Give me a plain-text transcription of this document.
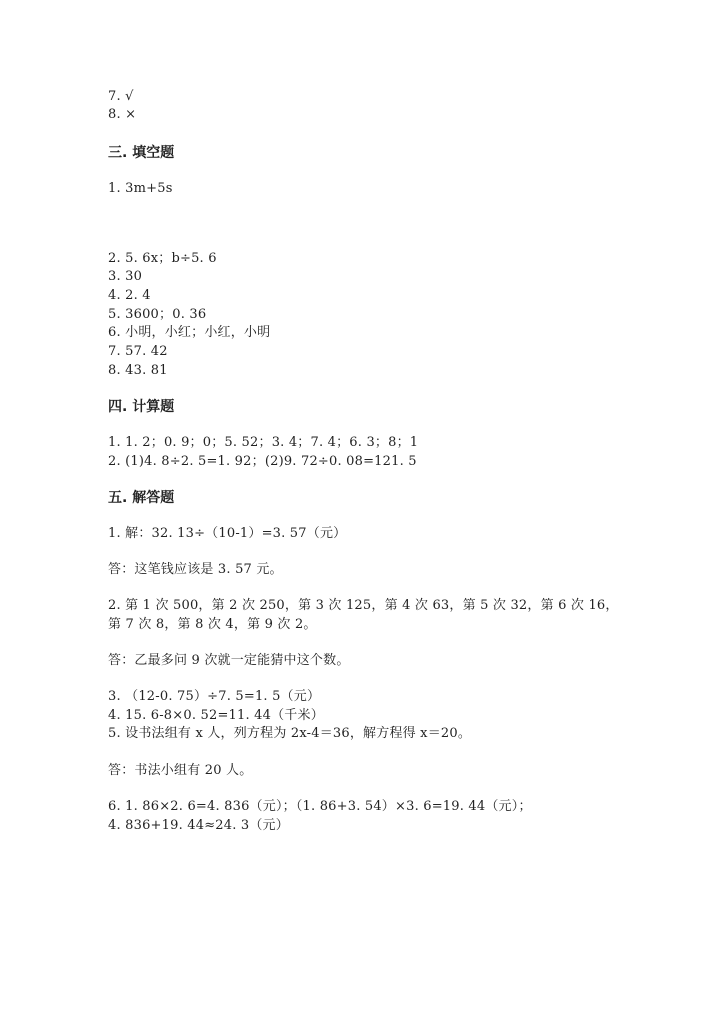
7. √
8. ×
三. 填空题
1. 3m+5s
2. 5. 6x；b÷5. 6
3. 30
4. 2. 4
5. 3600；0. 36
6. 小明，小红；小红，小明
7. 57. 42
8. 43. 81
四. 计算题
1. 1. 2；0. 9；0；5. 52；3. 4；7. 4；6. 3；8；1
2. (1)4. 8÷2. 5=1. 92；(2)9. 72÷0. 08=121. 5
五. 解答题
1. 解：32. 13÷（10-1）=3. 57（元）
答：这笔钱应该是 3. 57 元。
2. 第 1 次 500，第 2 次 250，第 3 次 125，第 4 次 63，第 5 次 32，第 6 次 16，
第 7 次 8，第 8 次 4，第 9 次 2。
答：乙最多问 9 次就一定能猜中这个数。
3. （12-0. 75）÷7. 5=1. 5（元）
4. 15. 6-8×0. 52=11. 44（千米）
5. 设书法组有 x 人，列方程为 2x-4＝36，解方程得 x＝20。
答：书法小组有 20 人。
6. 1. 86×2. 6=4. 836（元）；（1. 86+3. 54）×3. 6=19. 44（元）；
4. 836+19. 44≈24. 3（元）
